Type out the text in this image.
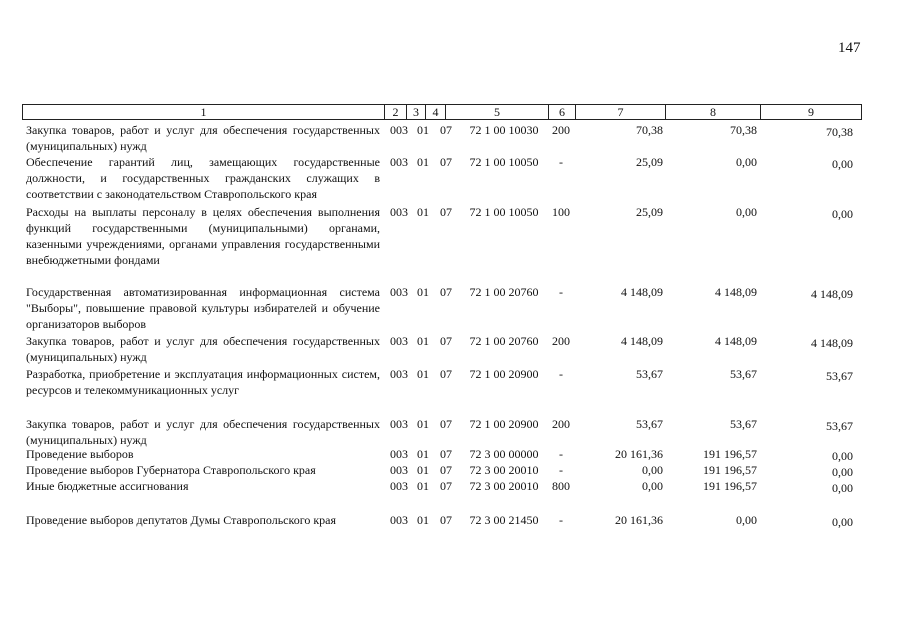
147
1	2	3	4	5	6	7	8	9
Закупка товаров, работ и услуг для обеспечения государственных (муниципальных) нужд
003 01 07	72 1 00 10030	200	70,38	70,38	70,38
Обеспечение гарантий лиц, замещающих государственные должности, и государственных гражданских служащих в соответствии с законодательством Ставропольского края
003 01 07	72 1 00 10050	-	25,09	0,00	0,00
Расходы на выплаты персоналу в целях обеспечения выполнения функций государственными (муниципальными) органами, казенными учреждениями, органами управления государственными внебюджетными фондами
003 01 07	72 1 00 10050	100	25,09	0,00	0,00
Государственная автоматизированная информационная система "Выборы", повышение правовой культуры избирателей и обучение организаторов выборов
003 01 07	72 1 00 20760	-	4 148,09	4 148,09	4 148,09
Закупка товаров, работ и услуг для обеспечения государственных (муниципальных) нужд
003 01 07	72 1 00 20760	200	4 148,09	4 148,09	4 148,09
Разработка, приобретение и эксплуатация информационных систем, ресурсов и телекоммуникационных услуг
003 01 07	72 1 00 20900	-	53,67	53,67	53,67
Закупка товаров, работ и услуг для обеспечения государственных (муниципальных) нужд
003 01 07	72 1 00 20900	200	53,67	53,67	53,67
Проведение выборов	003 01 07	72 3 00 00000	-	20 161,36	191 196,57	0,00
Проведение выборов Губернатора Ставропольского края	003 01 07	72 3 00 20010	-	0,00	191 196,57	0,00
Иные бюджетные ассигнования	003 01 07	72 3 00 20010	800	0,00	191 196,57	0,00
Проведение выборов депутатов Думы Ставропольского края	003 01 07	72 3 00 21450	-	20 161,36	0,00	0,00
